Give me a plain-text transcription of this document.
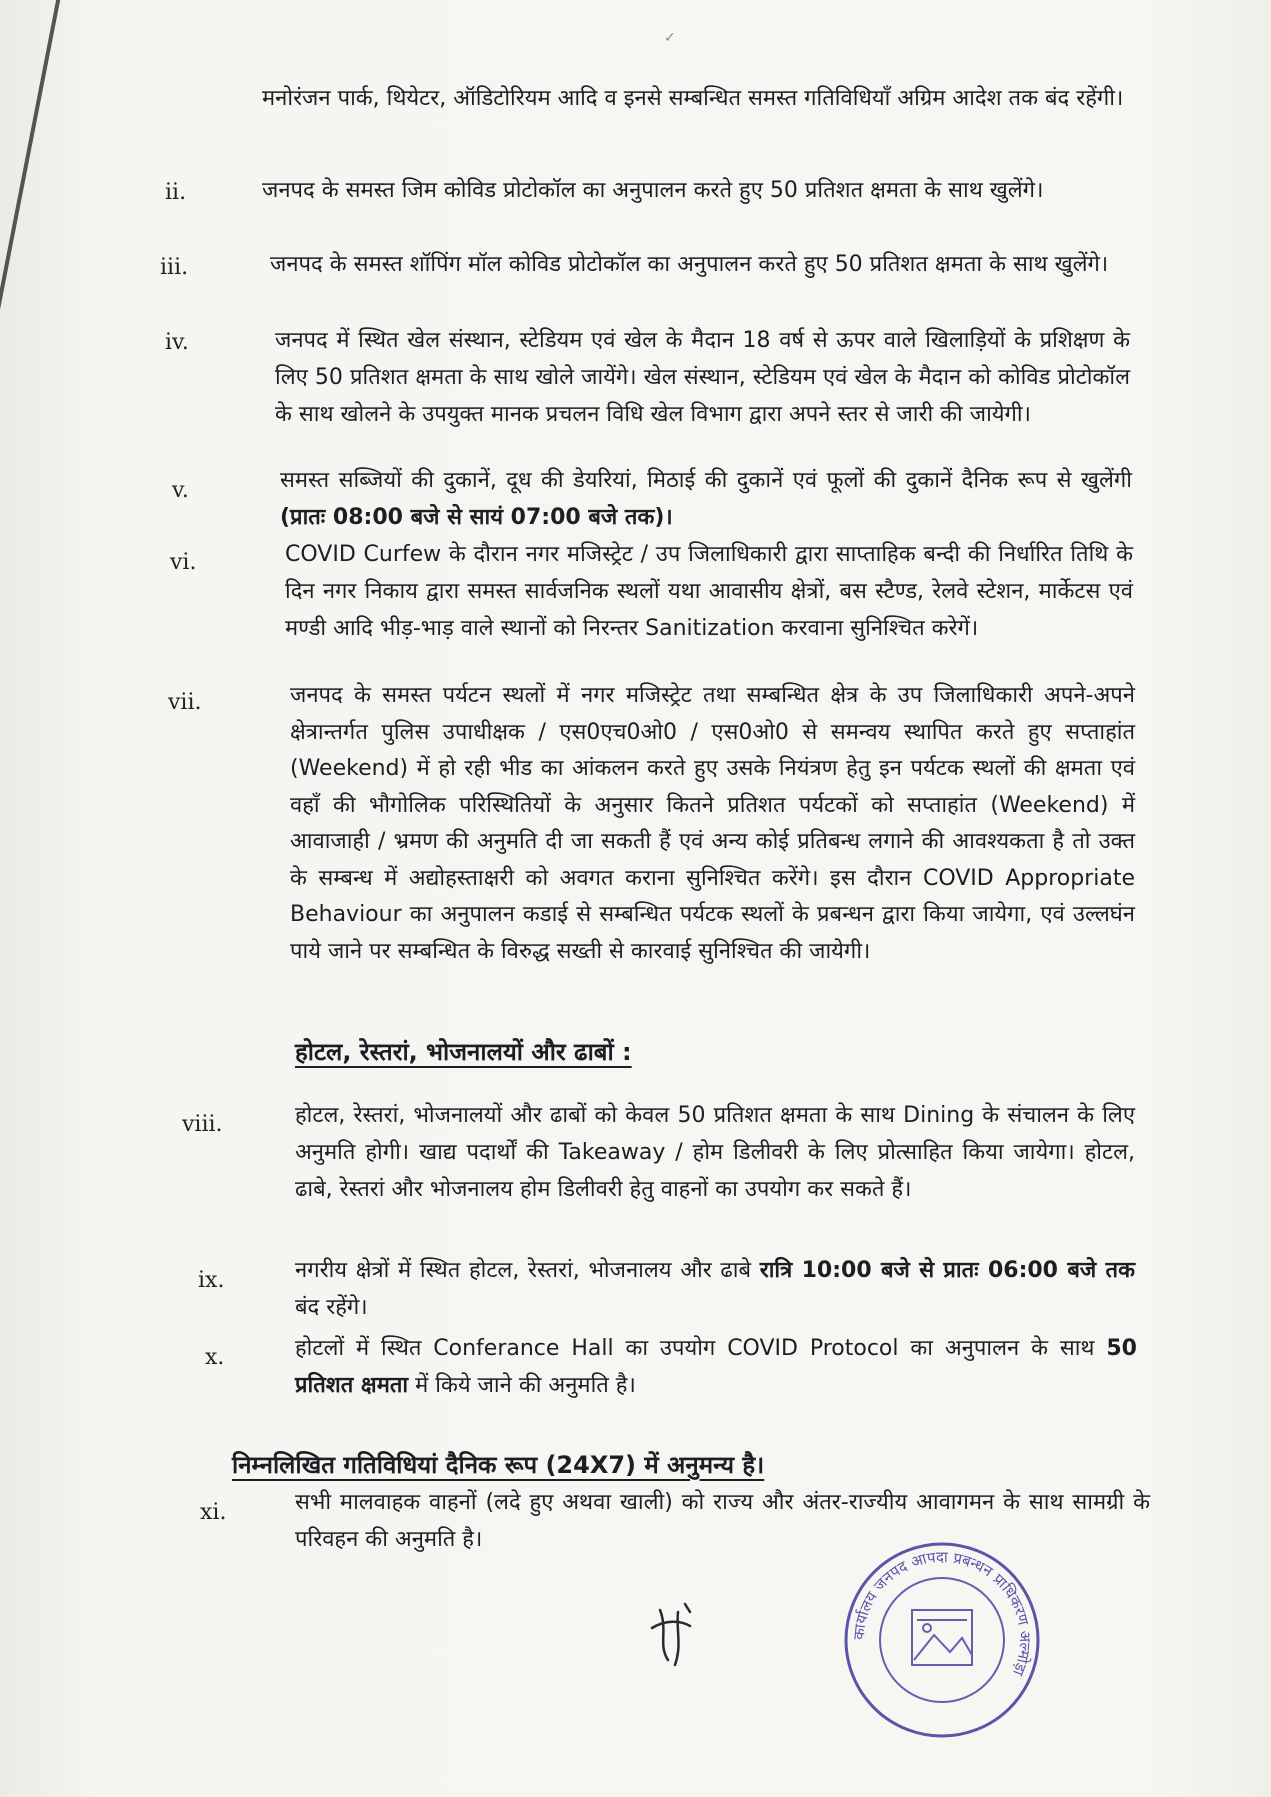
✓
मनोरंजन पार्क, थियेटर, ऑडिटोरियम आदि व इनसे सम्बन्धित समस्त गतिविधियाँ अग्रिम आदेश तक बंद रहेंगी।
ii.	जनपद के समस्त जिम कोविड प्रोटोकॉल का अनुपालन करते हुए 50 प्रतिशत क्षमता के साथ खुलेंगे।
iii.	जनपद के समस्त शॉपिंग मॉल कोविड प्रोटोकॉल का अनुपालन करते हुए 50 प्रतिशत क्षमता के साथ खुलेंगे।
iv.	जनपद में स्थित खेल संस्थान, स्टेडियम एवं खेल के मैदान 18 वर्ष से ऊपर वाले खिलाड़ियों के प्रशिक्षण के लिए 50 प्रतिशत क्षमता के साथ खोले जायेंगे। खेल संस्थान, स्टेडियम एवं खेल के मैदान को कोविड प्रोटोकॉल के साथ खोलने के उपयुक्त मानक प्रचलन विधि खेल विभाग द्वारा अपने स्तर से जारी की जायेगी।
v.	समस्त सब्जियों की दुकानें, दूध की डेयरियां, मिठाई की दुकानें एवं फूलों की दुकानें दैनिक रूप से खुलेंगी (प्रातः 08:00 बजे से सायं 07:00 बजे तक)।
vi.	COVID Curfew के दौरान नगर मजिस्ट्रेट / उप जिलाधिकारी द्वारा साप्ताहिक बन्दी की निर्धारित तिथि के दिन नगर निकाय द्वारा समस्त सार्वजनिक स्थलों यथा आवासीय क्षेत्रों, बस स्टैण्ड, रेलवे स्टेशन, मार्केटस एवं मण्डी आदि भीड़-भाड़ वाले स्थानों को निरन्तर Sanitization करवाना सुनिश्चित करेगें।
vii.	जनपद के समस्त पर्यटन स्थलों में नगर मजिस्ट्रेट तथा सम्बन्धित क्षेत्र के उप जिलाधिकारी अपने-अपने क्षेत्रान्तर्गत पुलिस उपाधीक्षक / एस0एच0ओ0 / एस0ओ0 से समन्वय स्थापित करते हुए सप्ताहांत (Weekend) में हो रही भीड का आंकलन करते हुए उसके नियंत्रण हेतु इन पर्यटक स्थलों की क्षमता एवं वहाँ की भौगोलिक परिस्थितियों के अनुसार कितने प्रतिशत पर्यटकों को सप्ताहांत (Weekend) में आवाजाही / भ्रमण की अनुमति दी जा सकती हैं एवं अन्य कोई प्रतिबन्ध लगाने की आवश्यकता है तो उक्त के सम्बन्ध में अद्योहस्ताक्षरी को अवगत कराना सुनिश्चित करेंगे। इस दौरान COVID Appropriate Behaviour का अनुपालन कडाई से सम्बन्धित पर्यटक स्थलों के प्रबन्धन द्वारा किया जायेगा, एवं उल्लघंन पाये जाने पर सम्बन्धित के विरुद्ध सख्ती से कारवाई सुनिश्चित की जायेगी।
होटल, रेस्तरां, भोजनालयों और ढाबों :
viii.	होटल, रेस्तरां, भोजनालयों और ढाबों को केवल 50 प्रतिशत क्षमता के साथ Dining के संचालन के लिए अनुमति होगी। खाद्य पदार्थों की Takeaway / होम डिलीवरी के लिए प्रोत्साहित किया जायेगा। होटल, ढाबे, रेस्तरां और भोजनालय होम डिलीवरी हेतु वाहनों का उपयोग कर सकते हैं।
ix.	नगरीय क्षेत्रों में स्थित होटल, रेस्तरां, भोजनालय और ढाबे रात्रि 10:00 बजे से प्रातः 06:00 बजे तक बंद रहेंगे।
x.	होटलों में स्थित Conferance Hall का उपयोग COVID Protocol का अनुपालन के साथ 50 प्रतिशत क्षमता में किये जाने की अनुमति है।
निम्नलिखित गतिविधियां दैनिक रूप (24X7) में अनुमन्य है।
xi.	सभी मालवाहक वाहनों (लदे हुए अथवा खाली) को राज्य और अंतर-राज्यीय आवागमन के साथ सामग्री के परिवहन की अनुमति है।
कार्यालय जनपद आपदा प्रबन्धन प्राधिकरण अल्मोड़ा
